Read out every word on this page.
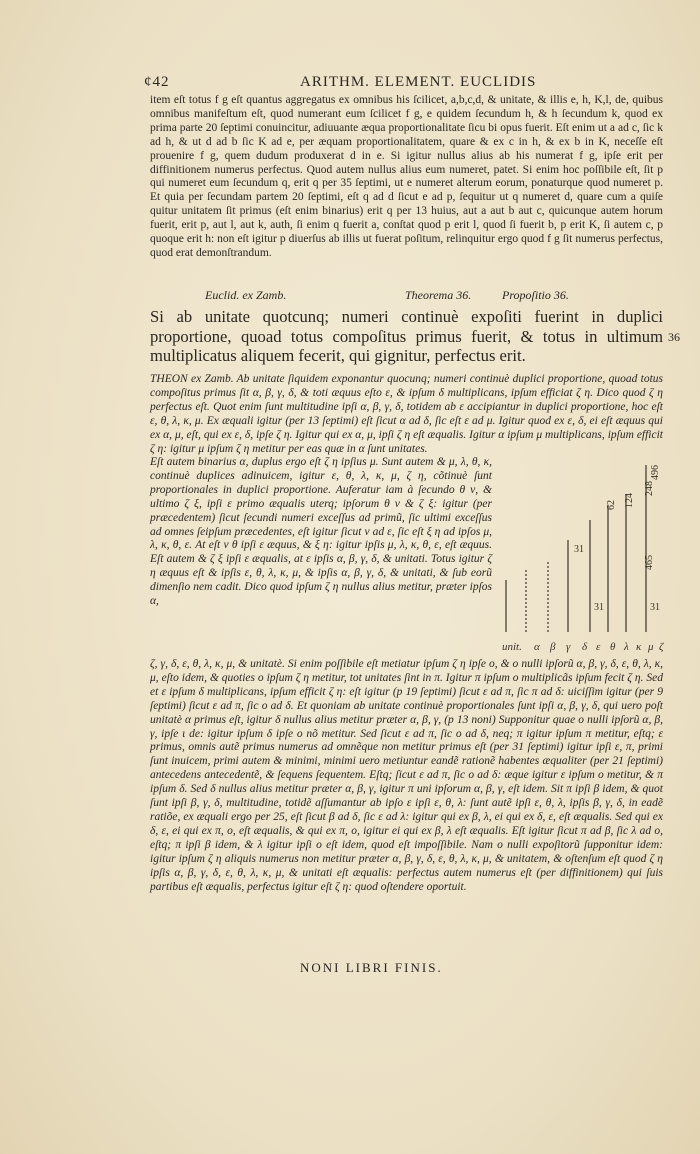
¢42	ARITHM. ELEMENT. EUCLIDIS

item eſt totus f g eſt quantus aggregatus ex omnibus his ſcilicet, a,b,c,d, & unitate, & illis e, h, K,l, de, quibus omnibus manifeſtum eſt, quod numerant eum ſcilicet f g, e quidem ſecundum h, & h ſecundum k, quod ex prima parte 20 ſeptimi conuincitur, adiuuante æqua proportionalitate ſicu bi opus fuerit. Eſt enim ut a ad c, ſic k ad h, & ut d ad b ſic K ad e, per æquam proportionalitatem, quare & ex c in h, & ex b in K, neceſſe eſt prouenire f g, quem dudum produxerat d in e. Si igitur nullus alius ab his numerat f g, ipſe erit per diffinitionem numerus perfectus. Quod autem nullus alius eum numeret, patet. Si enim hoc poſſibile eſt, ſit p qui numeret eum ſecundum q, erit q per 35 ſeptimi, ut e numeret alterum eorum, ponaturque quod numeret p. Et quia per ſecundam partem 20 ſeptimi, eſt q ad d ſicut e ad p, ſequitur ut q numeret d, quare cum a quiſe quitur unitatem ſit primus (eſt enim binarius) erit q per 13 huius, aut a aut b aut c, quicunque autem horum fuerit, erit p, aut l, aut k, auth, ſi enim q fuerit a, conſtat quod p erit l, quod ſi fuerit b, p erit K, ſi autem c, p quoque erit h: non eſt igitur p diuerſus ab illis ut fuerat poſitum, relinquitur ergo quod f g ſit numerus perfectus, quod erat demonſtrandum.

Euclid. ex Zamb.	Theorema 36.	Propoſitio 36.
Si ab unitate quotcunq; numeri continuè expoſiti fuerint in duplici proportione, quoad totus compoſitus primus fuerit, & totus in ultimum multiplicatus aliquem fecerit, qui gignitur, perfectus erit.
36

THEON ex Zamb. Ab unitate ſiquidem exponantur quocunq; numeri continuè duplici proportione, quoad totus compoſitus primus ſit α, β, γ, δ, & toti æquus eſto ε, & ipſum δ multiplicans, ipſum efficiat ζ η. Dico quod ζ η perfectus eſt. Quot enim ſunt multitudine ipſi α, β, γ, δ, totidem ab ε accipiantur in duplici proportione, hoc eſt ε, θ, λ, κ, μ. Ex æquali igitur (per 13 ſeptimi) eſt ſicut α ad δ, ſic eſt ε ad μ. Igitur quod ex ε, δ, ei eſt æquus qui ex α, μ, eſt, qui ex ε, δ, ipſe ζ η. Igitur qui ex α, μ, ipſi ζ η eſt æqualis. Igitur α ipſum μ multiplicans, ipſum efficit ζ η: igitur μ ipſum ζ η metitur per eas quæ in α ſunt unitates.

Eſt autem binarius α, duplus ergo eſt ζ η ipſius μ. Sunt autem & μ, λ, θ, κ, continuè duplices adinuicem, igitur ε, θ, λ, κ, μ, ζ η, cõtinuè ſunt proportionales in duplici proportione. Auferatur iam à ſecundo θ ν, & ultimo ζ ξ, ipſi ε primo æqualis uterq; ipſorum θ ν & ζ ξ: igitur (per præcedentem) ſicut ſecundi numeri exceſſus ad primũ, ſic ultimi exceſſus ad omnes ſeipſum præcedentes, eſt igitur ſicut ν ad ε, ſic eſt ξ η ad ipſos μ, λ, κ, θ, ε. At eſt ν θ ipſi ε æquus, & ξ η: igitur ipſis μ, λ, κ, θ, ε, eſt æquus. Eſt autem & ζ ξ ipſi ε æqualis, at ε ipſis α, β, γ, δ, & unitati. Totus igitur ζ η æquus eſt & ipſis ε, θ, λ, κ, μ, & ipſis α, β, γ, δ, & unitati, & ſub eorũ dimenſio nem cadit. Dico quod ipſum ζ η nullus alius metitur, præter ipſos α,

31
62 124
248
31	31
465
496
unit. α β γ δ ε θ λ κ μ ζ

ζ, γ, δ, ε, θ, λ, κ, μ, & unitatè. Si enim poſſibile eſt metiatur ipſum ζ η ipſe ο, & ο nulli ipſorũ α, β, γ, δ, ε, θ, λ, κ, μ, eſto idem, & quoties ο ipſum ζ η metitur, tot unitates ſint in π. Igitur π ipſum ο multiplicãs ipſum fecit ζ η. Sed et ε ipſum δ multiplicans, ipſum efficit ζ η: eſt igitur (p 19 ſeptimi) ſicut ε ad π, ſic π ad δ: uiciſſim igitur (per 9 ſeptimi) ſicut ε ad π, ſic ο ad δ. Et quoniam ab unitate continuè proportionales ſunt ipſi α, β, γ, δ, qui uero poſt unitatè α primus eſt, igitur δ nullus alius metitur præter α, β, γ, (p 13 noni) Supponitur quae ο nulli ipſorũ α, β, γ, ipſe ι de: igitur ipſum δ ipſe ο nõ metitur. Sed ſicut ε ad π, ſic ο ad δ, neq; π igitur ipſum π metitur, eſtq; ε primus, omnis autẽ primus numerus ad omnẽque non metitur primus eſt (per 31 ſeptimi) igitur ipſi ε, π, primi ſunt inuicem, primi autem & minimi, minimi uero metiuntur eandẽ rationẽ habentes æqualiter (per 21 ſeptimi) antecedens antecedentẽ, & ſequens ſequentem. Eſtq; ſicut ε ad π, ſic ο ad δ: æque igitur ε ipſum ο metitur, & π ipſum δ. Sed δ nullus alius metitur præter α, β, γ, igitur π uni ipſorum α, β, γ, eſt idem. Sit π ipſi β idem, & quot ſunt ipſi β, γ, δ, multitudine, totidẽ aſſumantur ab ipſo ε ipſi ε, θ, λ: ſunt autẽ ipſi ε, θ, λ, ipſis β, γ, δ, in eadẽ ratiõe, ex æquali ergo per 25, eſt ſicut β ad δ, ſic ε ad λ: igitur qui ex β, λ, ei qui ex δ, ε, eſt æqualis. Sed qui ex δ, ε, ei qui ex π, ο, eſt æqualis, & qui ex π, ο, igitur ei qui ex β, λ eſt æqualis. Eſt igitur ſicut π ad β, ſic λ ad ο, eſtq; π ipſi β idem, & λ igitur ipſi ο eſt idem, quod eſt impoſſibile. Nam ο nulli expoſitorũ ſupponitur idem: igitur ipſum ζ η aliquis numerus non metitur præter α, β, γ, δ, ε, θ, λ, κ, μ, & unitatem, & oſtenſum eſt quod ζ η ipſis α, β, γ, δ, ε, θ, λ, κ, μ, & unitati eſt æqualis: perfectus autem numerus eſt (per diffinitionem) qui ſuis partibus eſt æqualis, perfectus igitur eſt ζ η: quod oſtendere oportuit.

NONI LIBRI FINIS.
